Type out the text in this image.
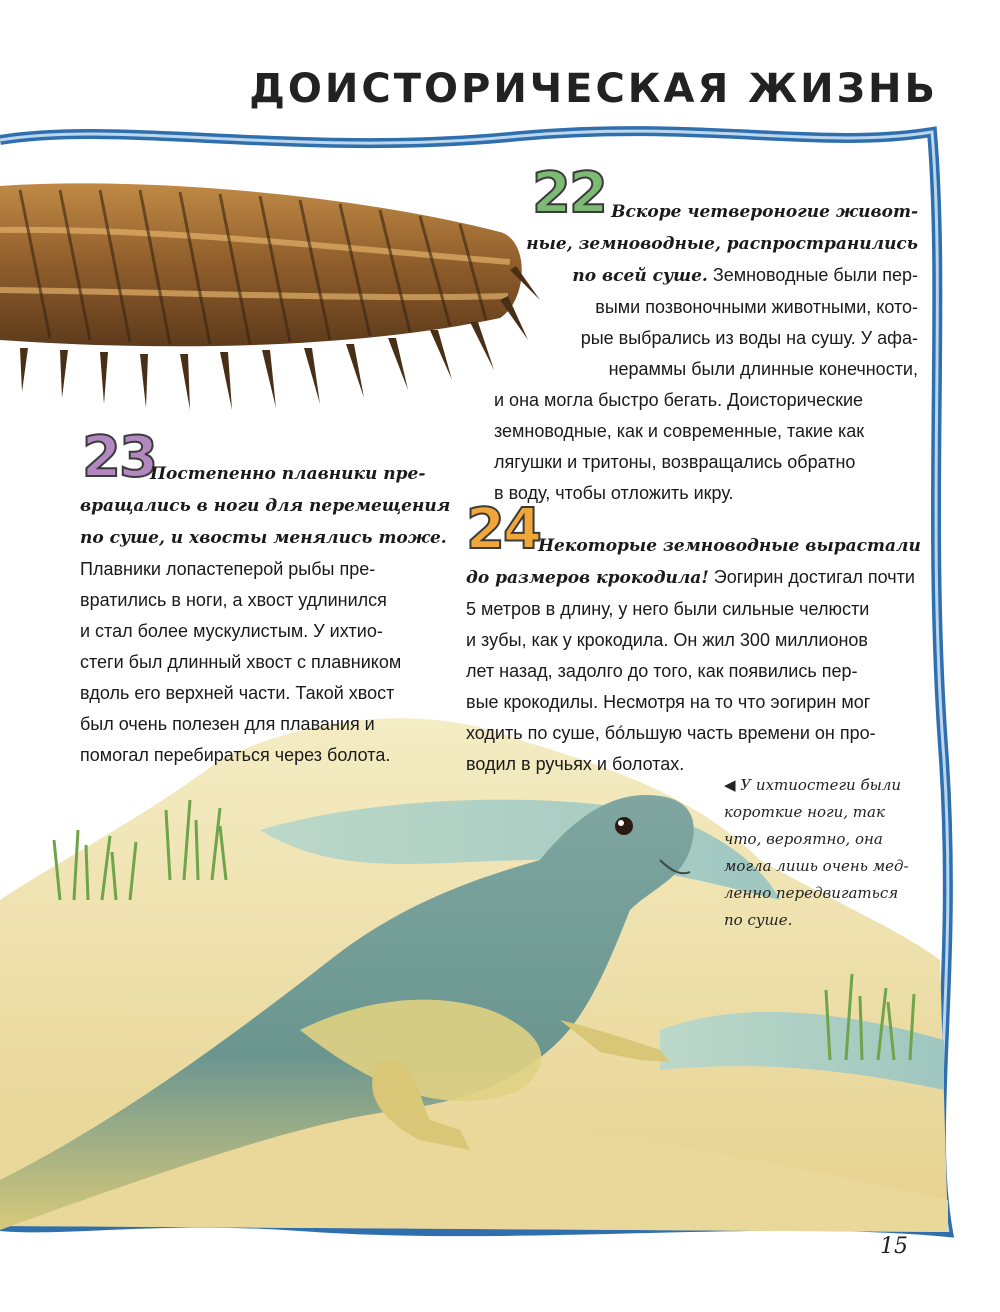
ДОИСТОРИЧЕСКАЯ ЖИЗНЬ
22 Вскоре четвероногие живот-
ные, земноводные, распространились
по всей суше. Земноводные были пер-
выми позвоночными животными, кото-
рые выбрались из воды на сушу. У афа-
нераммы были длинные конечности,
и она могла быстро бегать. Доисторические
земноводные, как и современные, такие как
лягушки и тритоны, возвращались обратно
в воду, чтобы отложить икру.
23
Постепенно плавники пре-
вращались в ноги для перемещения
по суше, и хвосты менялись тоже.
Плавники лопастеперой рыбы пре-
вратились в ноги, а хвост удлинился
и стал более мускулистым. У ихтио-
стеги был длинный хвост с плавником
вдоль его верхней части. Такой хвост
был очень полезен для плавания и
помогал перебираться через болота.
24
Некоторые земноводные вырастали
до размеров крокодила! Эогирин достигал почти
5 метров в длину, у него были сильные челюсти
и зубы, как у крокодила. Он жил 300 миллионов
лет назад, задолго до того, как появились пер-
вые крокодилы. Несмотря на то что эогирин мог
ходить по суше, бóльшую часть времени он про-
водил в ручьях и болотах.
◀ У ихтиостеги были
короткие ноги, так
что, вероятно, она
могла лишь очень мед-
ленно передвигаться
по суше.
15
